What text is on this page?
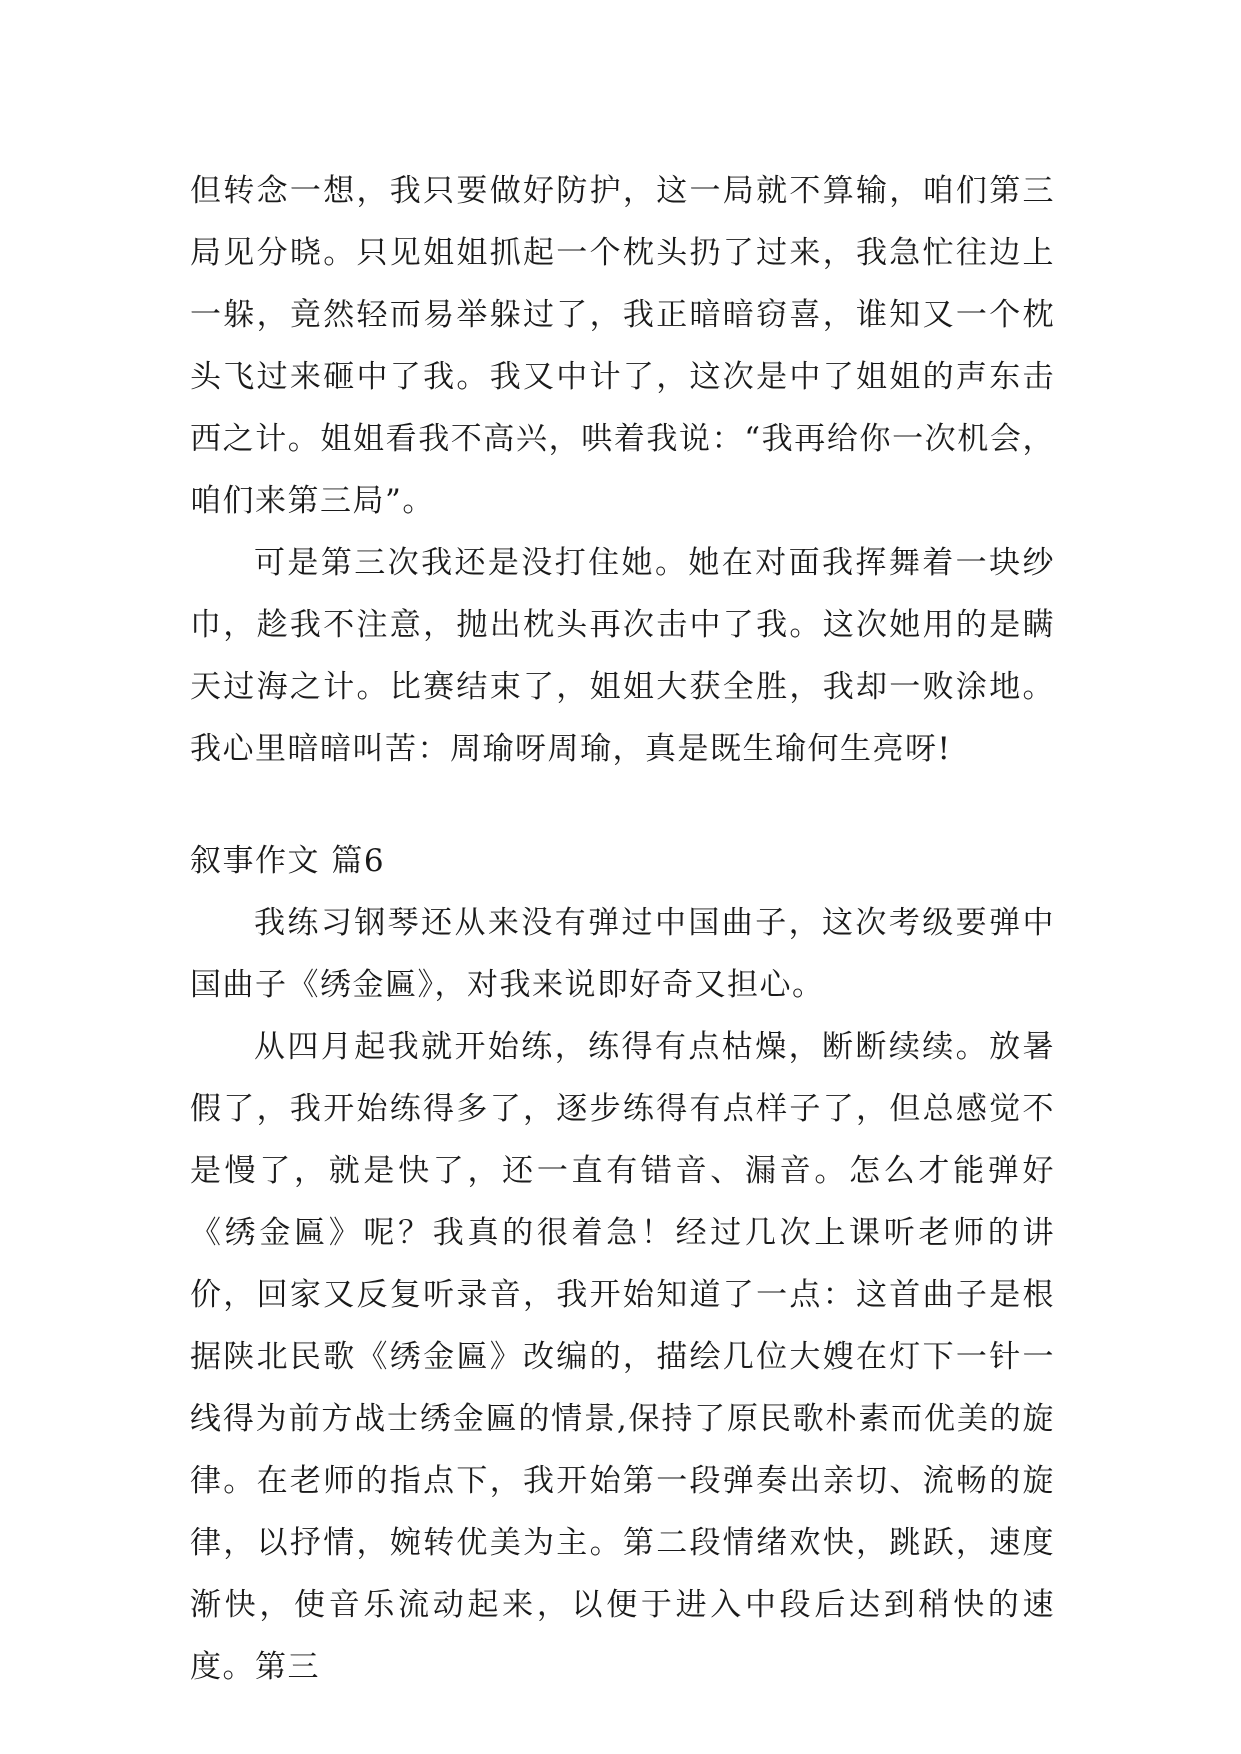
但转念一想，我只要做好防护，这一局就不算输，咱们第三局见分晓。只见姐姐抓起一个枕头扔了过来，我急忙往边上一躲，竟然轻而易举躲过了，我正暗暗窃喜，谁知又一个枕头飞过来砸中了我。我又中计了，这次是中了姐姐的声东击西之计。姐姐看我不高兴，哄着我说：“我再给你一次机会，咱们来第三局”。

可是第三次我还是没打住她。她在对面我挥舞着一块纱巾，趁我不注意，抛出枕头再次击中了我。这次她用的是瞒天过海之计。比赛结束了，姐姐大获全胜，我却一败涂地。我心里暗暗叫苦：周瑜呀周瑜，真是既生瑜何生亮呀!

叙事作文 篇6

我练习钢琴还从来没有弹过中国曲子，这次考级要弹中国曲子《绣金匾》，对我来说即好奇又担心。

从四月起我就开始练，练得有点枯燥，断断续续。放暑假了，我开始练得多了，逐步练得有点样子了，但总感觉不是慢了，就是快了，还一直有错音、漏音。怎么才能弹好《绣金匾》呢？我真的很着急！经过几次上课听老师的讲价，回家又反复听录音，我开始知道了一点：这首曲子是根据陕北民歌《绣金匾》改编的，描绘几位大嫂在灯下一针一线得为前方战士绣金匾的情景,保持了原民歌朴素而优美的旋律。在老师的指点下，我开始第一段弹奏出亲切、流畅的旋律，以抒情，婉转优美为主。第二段情绪欢快，跳跃，速度渐快，使音乐流动起来，以便于进入中段后达到稍快的速度。第三
